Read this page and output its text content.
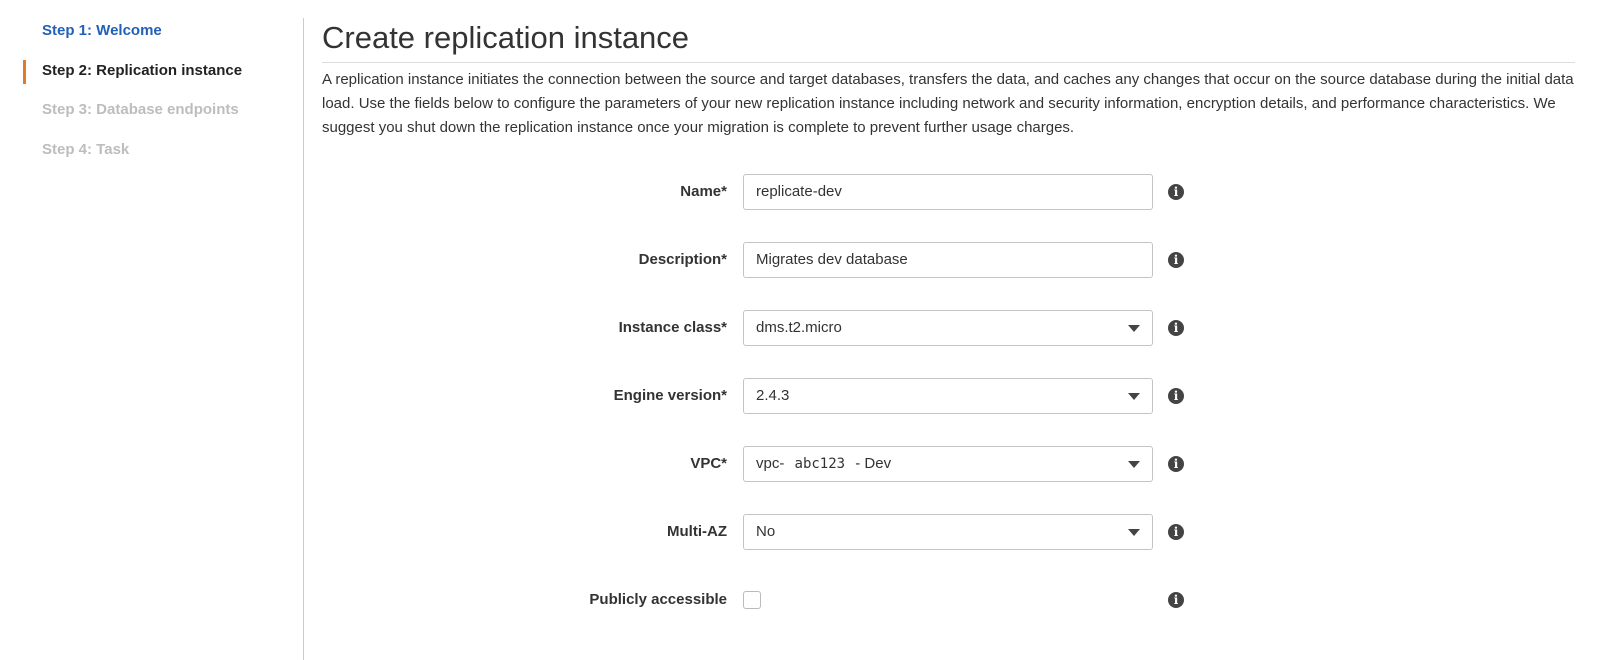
Step 1: Welcome
Step 2: Replication instance
Step 3: Database endpoints
Step 4: Task
Create replication instance

A replication instance initiates the connection between the source and target databases, transfers the data, and caches any changes that occur on the source database during the initial data load. Use the fields below to configure the parameters of your new replication instance including network and security information, encryption details, and performance characteristics. We suggest you shut down the replication instance once your migration is complete to prevent further usage charges.

Name*	replicate-dev	i
Description*	Migrates dev database	i
Instance class*	dms.t2.micro	i
Engine version*	2.4.3	i
VPC*	vpc- abc123 - Dev	i
Multi-AZ	No	i
Publicly accessible	i
